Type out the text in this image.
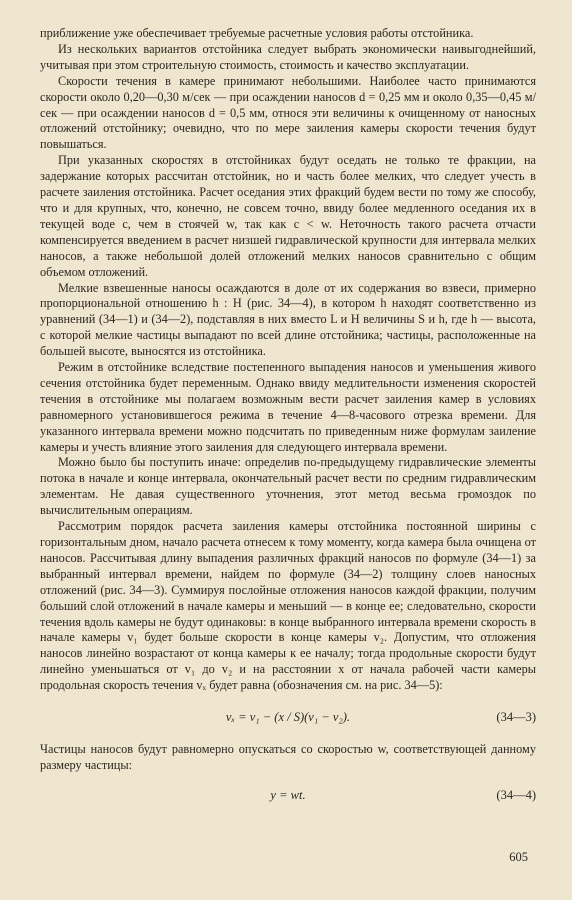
приближение уже обеспечивает требуемые расчетные условия работы отстойника.

Из нескольких вариантов отстойника следует выбрать экономически наивыгоднейший, учитывая при этом строительную стоимость, стоимость и качество эксплуатации.

Скорости течения в камере принимают небольшими. Наиболее часто принимаются скорости около 0,20—0,30 м/сек — при осаждении наносов d = 0,25 мм и около 0,35—0,45 м/сек — при осаждении наносов d = 0,5 мм, относя эти величины к очищенному от наносных отложений отстойнику; очевидно, что по мере заиления камеры скорости течения будут повышаться.

При указанных скоростях в отстойниках будут оседать не только те фракции, на задержание которых рассчитан отстойник, но и часть более мелких, что следует учесть в расчете заиления отстойника. Расчет оседания этих фракций будем вести по тому же способу, что и для крупных, что, конечно, не совсем точно, ввиду более медленного оседания их в текущей воде c, чем в стоячей w, так как c < w. Неточность такого расчета отчасти компенсируется введением в расчет низшей гидравлической крупности для интервала мелких наносов, а также небольшой долей отложений мелких наносов сравнительно с общим объемом отложений.

Мелкие взвешенные наносы осаждаются в доле от их содержания во взвеси, примерно пропорциональной отношению h : H (рис. 34—4), в котором h находят соответственно из уравнений (34—1) и (34—2), подставляя в них вместо L и H величины S и h, где h — высота, с которой мелкие частицы выпадают по всей длине отстойника; частицы, расположенные на большей высоте, выносятся из отстойника.

Режим в отстойнике вследствие постепенного выпадения наносов и уменьшения живого сечения отстойника будет переменным. Однако ввиду медлительности изменения скоростей течения в отстойнике мы полагаем возможным вести расчет заиления камер в условиях равномерного установившегося режима в течение 4—8-часового отрезка времени. Для указанного интервала времени можно подсчитать по приведенным ниже формулам заиление камеры и учесть влияние этого заиления для следующего интервала времени.

Можно было бы поступить иначе: определив по-предыдущему гидравлические элементы потока в начале и конце интервала, окончательный расчет вести по средним гидравлическим элементам. Не давая существенного уточнения, этот метод весьма громоздок по вычислительным операциям.

Рассмотрим порядок расчета заиления камеры отстойника постоянной ширины с горизонтальным дном, начало расчета отнесем к тому моменту, когда камера была очищена от наносов. Рассчитывая длину выпадения различных фракций наносов по формуле (34—1) за выбранный интервал времени, найдем по формуле (34—2) толщину слоев наносных отложений (рис. 34—3). Суммируя послойные отложения наносов каждой фракции, получим больший слой отложений в начале камеры и меньший — в конце ее; следовательно, скорости течения вдоль камеры не будут одинаковы: в конце выбранного интервала времени скорость в начале камеры v₁ будет больше скорости в конце камеры v₂. Допустим, что отложения наносов линейно возрастают от конца камеры к ее началу; тогда продольные скорости будут линейно уменьшаться от v₁ до v₂ и на расстоянии x от начала рабочей части камеры продольная скорость течения vₓ будет равна (обозначения см. на рис. 34—5):

vₓ = v₁ − (x / S)(v₁ − v₂).	(34—3)

Частицы наносов будут равномерно опускаться со скоростью w, соответствующей данному размеру частицы:

y = wt.	(34—4)
605
